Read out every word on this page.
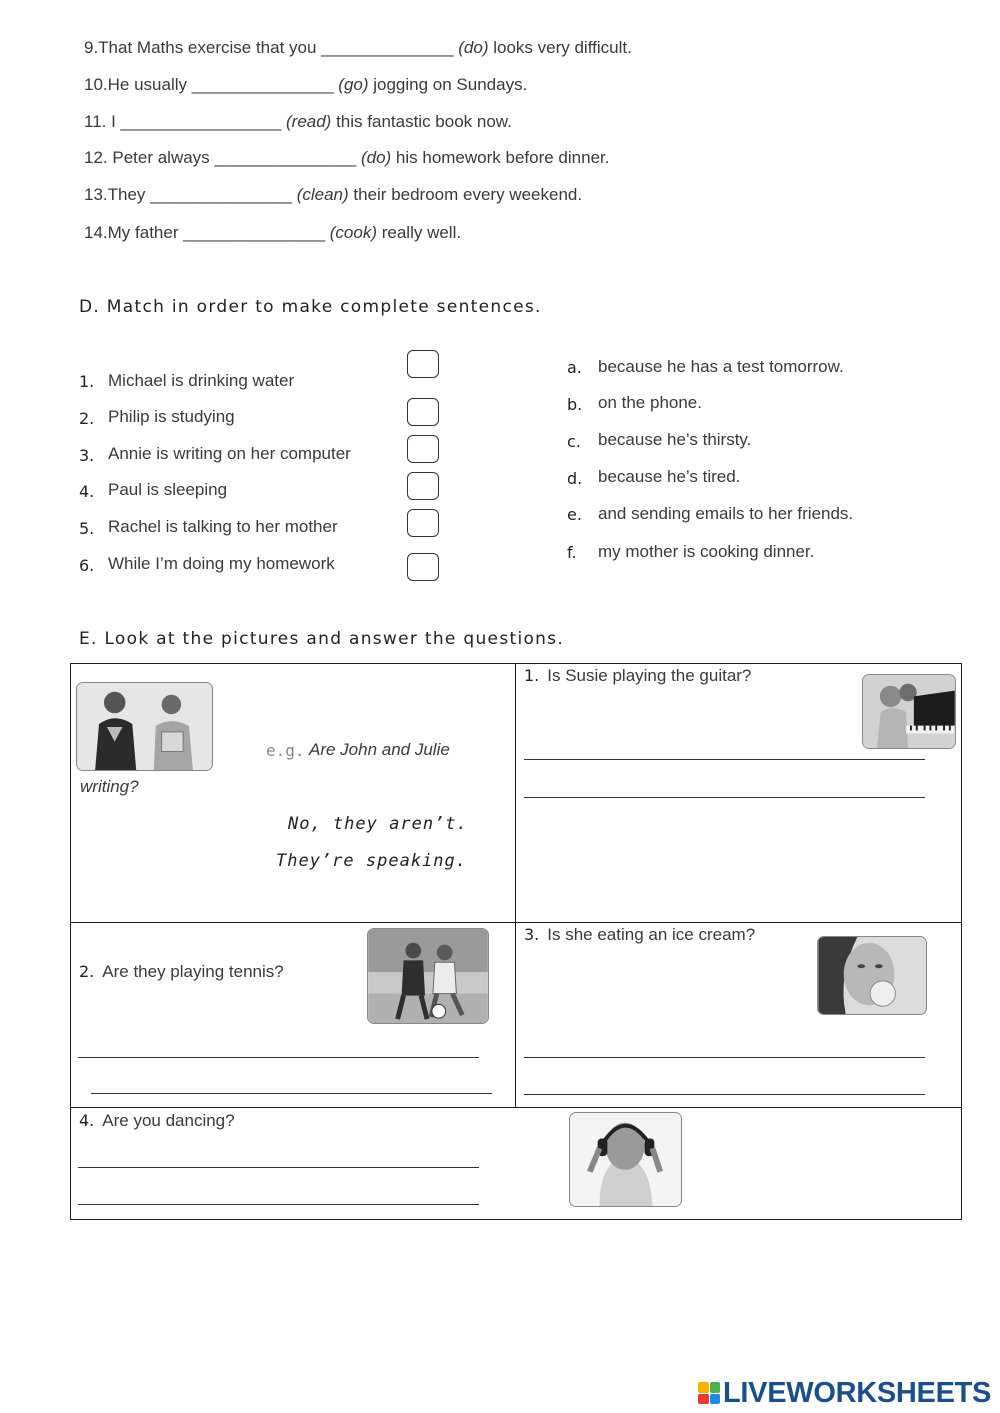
9.That Maths exercise that you ______________ (do) looks very difficult.
10.He usually _______________ (go) jogging on Sundays.
11. I _________________ (read) this fantastic book now.
12. Peter always _______________ (do) his homework before dinner.
13.They _______________ (clean) their bedroom every weekend.
14.My father _______________ (cook) really well.
D. Match in order to make complete sentences.
1. Michael is drinking water
2. Philip is studying
3. Annie is writing on her computer
4. Paul is sleeping
5. Rachel is talking to her mother
6. While I’m doing my homework
a. because he has a test tomorrow.
b. on the phone.
c. because he’s thirsty.
d. because he’s tired.
e. and sending emails to her friends.
f. my mother is cooking dinner.
E. Look at the pictures and answer the questions.
e.g. Are John and Julie
writing?
No, they aren’t.
They’re speaking.
1. Is Susie playing the guitar?
2. Are they playing tennis?
3. Is she eating an ice cream?
4. Are you dancing?
LIVEWORKSHEETS
